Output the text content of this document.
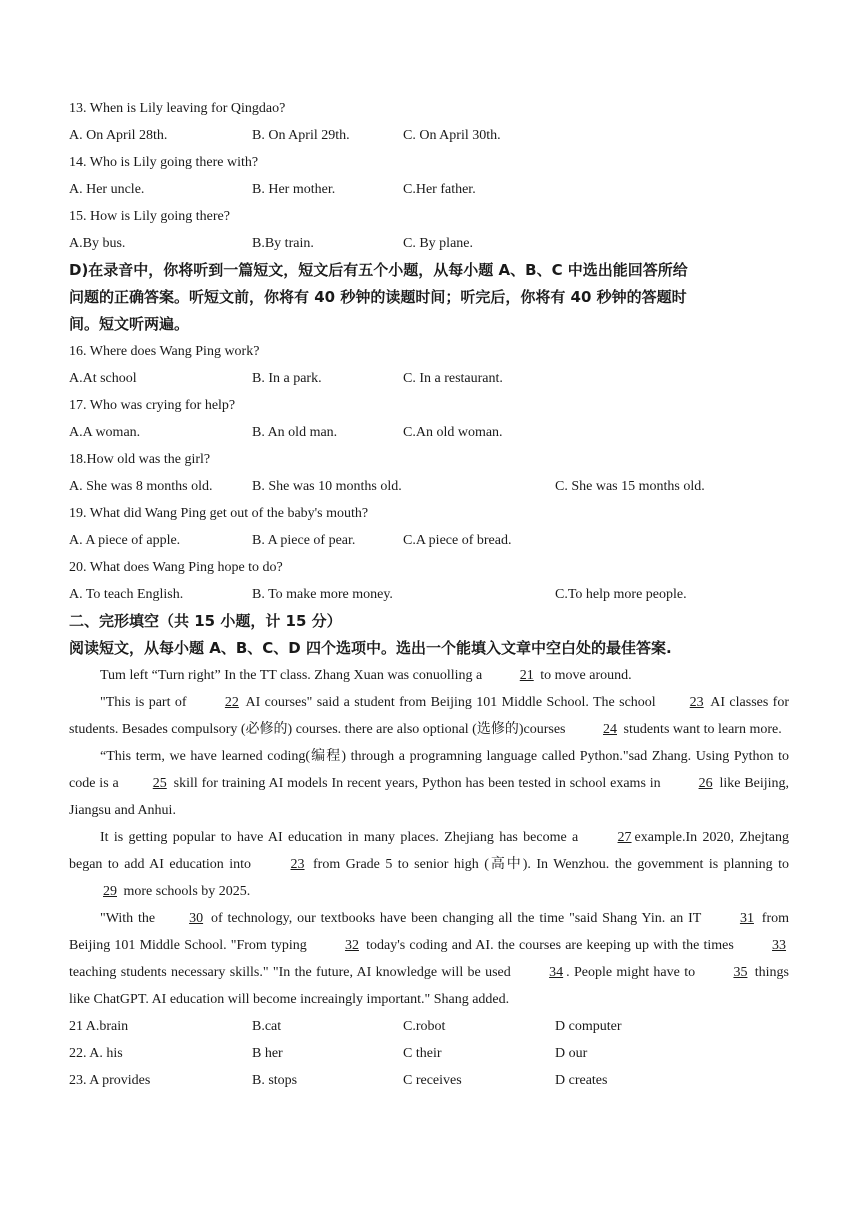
13. When is Lily leaving for Qingdao?
A. On April 28th.	B. On April 29th.	C. On April 30th.
14. Who is Lily going there with?
A. Her uncle.	B. Her mother.	C.Her father.
15. How is Lily going there?
A.By bus.	B.By train.	C. By plane.
D)在录音中，你将听到一篇短文，短文后有五个小题，从每小题 A、B、C 中选出能回答所给
问题的正确答案。听短文前，你将有 40 秒钟的读题时间；听完后，你将有 40 秒钟的答题时
间。短文听两遍。
16. Where does Wang Ping work?
A.At school	B. In a park.	C. In a restaurant.
17. Who was crying for help?
A.A woman.	B. An old man.	C.An old woman.
18.How old was the girl?
A. She was 8 months old.	B. She was 10 months old.	C. She was 15 months old.
19. What did Wang Ping get out of the baby's mouth?
A. A piece of apple.	B. A piece of pear.	C.A piece of bread.
20. What does Wang Ping hope to do?
A. To teach English.	B. To make more money.	C.To help more people.
二、完形填空（共 15 小题，计 15 分）
阅读短文，从每小题 A、B、C、D 四个选项中。选出一个能填入文章中空白处的最佳答案.

Tum left “Turn right” In the TT class. Zhang Xuan was conuolling a	21 to move around.

"This is part of	22 AI courses" said a student from Beijing 101 Middle School. The school 23 AI classes for students. Besades compulsory (必修的) courses. there are also optional (选修的)courses	24 students want to learn more.

“This term, we have learned coding(编程) through a programning language called Python."sad Zhang. Using Python to code is a 25 skill for training AI models In recent years, Python has been tested in school exams in	26 like Beijing, Jiangsu and Anhui.

It is getting popular to have AI education in many places. Zhejiang has become a	27 example.In 2020, Zhejtang began to add AI education into	23 from Grade 5 to senior high (高中). In Wenzhou. the govemment is planning to 29 more schools by 2025.

"With the 30 of technology, our textbooks have been changing all the time "said Shang Yin. an IT	31 from Beijing 101 Middle School. "From typing	32 today's coding and AI. the courses are keeping up with the times	33 teaching students necessary skills." "In the future, AI knowledge will be used	34 . People might have to	35 things like ChatGPT. AI education will become increaingly important." Shang added.

21 A.brain	B.cat	C.robot	D computer
22. A. his	B her	C their	D our
23. A provides	B. stops	C receives	D creates
